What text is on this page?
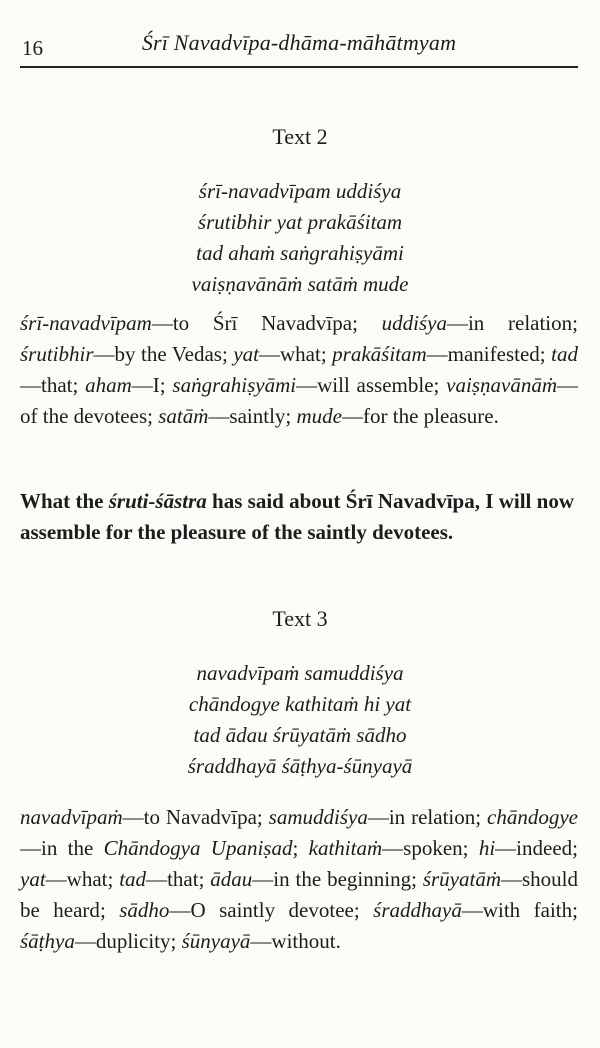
16	Śrī Navadvīpa-dhāma-māhātmyam
Text 2
śrī-navadvīpam uddiśya
śrutibhir yat prakāśitam
tad ahaṁ saṅgrahiṣyāmi
vaiṣṇavānāṁ satāṁ mude

śrī-navadvīpam—to Śrī Navadvīpa; uddiśya—in relation; śrutibhir—by the Vedas; yat—what; prakāśitam—manifested; tad—that; aham—I; saṅgrahiṣyāmi—will assemble; vaiṣṇavānāṁ—of the devotees; satāṁ—saintly; mude—for the pleasure.

What the śruti-śāstra has said about Śrī Navadvīpa, I will now assemble for the pleasure of the saintly devotees.

Text 3
navadvīpaṁ samuddiśya
chāndogye kathitaṁ hi yat
tad ādau śrūyatāṁ sādho
śraddhayā śāṭhya-śūnyayā

navadvīpaṁ—to Navadvīpa; samuddiśya—in relation; chāndogye—in the Chāndogya Upaniṣad; kathitaṁ—spoken; hi—indeed; yat—what; tad—that; ādau—in the beginning; śrūyatāṁ—should be heard; sādho—O saintly devotee; śraddhayā—with faith; śāṭhya—duplicity; śūnyayā—without.
